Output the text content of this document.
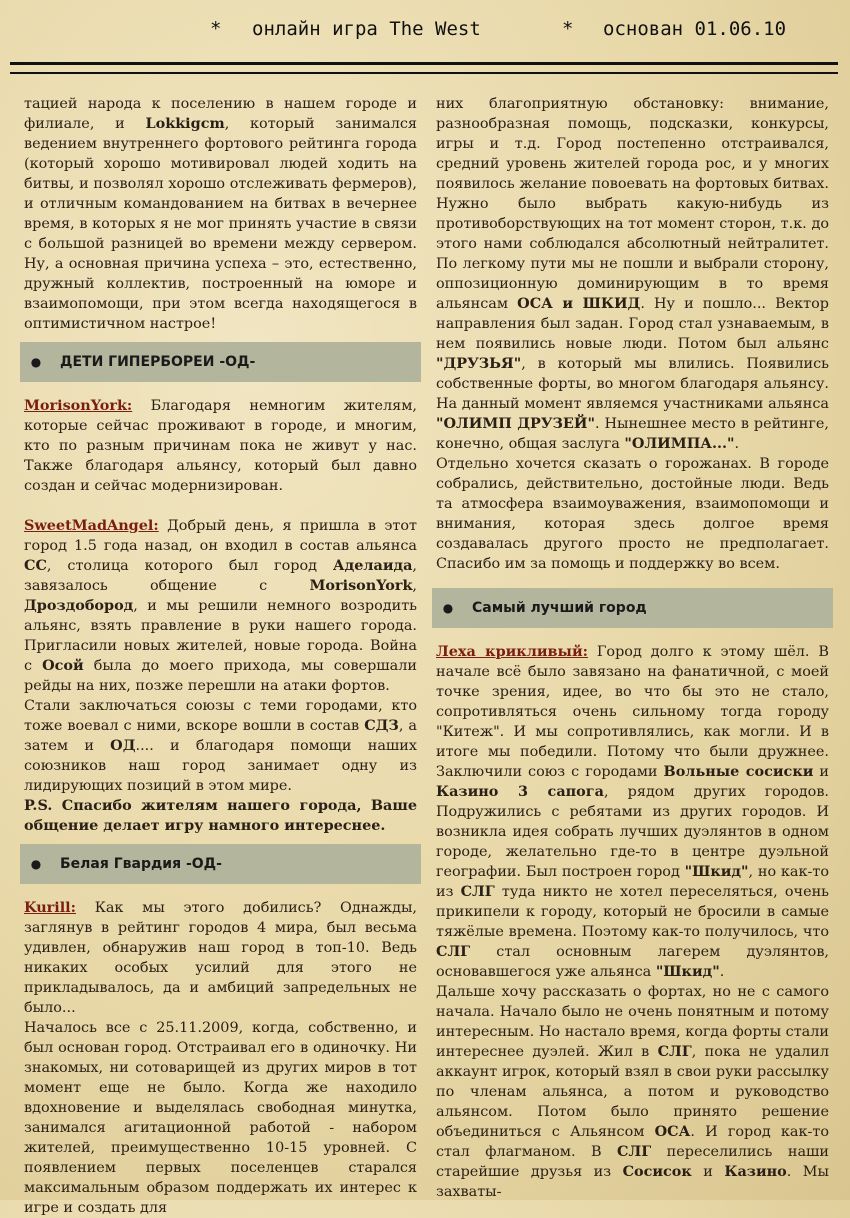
* онлайн игра The West	* основан 01.06.10

тацией народа к поселению в нашем городе и филиале, и Lokkigcm, который занимался ведением внутреннего фортового рейтинга города (который хорошо мотивировал людей ходить на битвы, и позволял хорошо отслеживать фермеров), и отличным командованием на битвах в вечернее время, в которых я не мог принять участие в связи с большой разницей во времени между сервером. Ну, а основная причина успеха – это, естественно, дружный коллектив, построенный на юморе и взаимопомощи, при этом всегда находящегося в оптимистичном настрое!

●	ДЕТИ ГИПЕРБОРЕИ -ОД-

MorisonYork: Благодаря немногим жителям, которые сейчас проживают в городе, и многим, кто по разным причинам пока не живут у нас. Также благодаря альянсу, который был давно создан и сейчас модернизирован.

SweetMadAngel: Добрый день, я пришла в этот город 1.5 года назад, он входил в состав альянса СС, столица которого был город Аделаида, завязалось общение с MorisonYork, Дроздобород, и мы решили немного возродить альянс, взять правление в руки нашего города. Пригласили новых жителей, новые города. Война с Осой была до моего прихода, мы совершали рейды на них, позже перешли на атаки фортов.

Стали заключаться союзы с теми городами, кто тоже воевал с ними, вскоре вошли в состав СДЗ, а затем и ОД.... и благодаря помощи наших союзников наш город занимает одну из лидирующих позиций в этом мире.

P.S. Спасибо жителям нашего города, Ваше общение делает игру намного интереснее.

●	Белая Гвардия -ОД-

Kurill: Как мы этого добились? Однажды, заглянув в рейтинг городов 4 мира, был весьма удивлен, обнаружив наш город в топ-10. Ведь никаких особых усилий для этого не прикладывалось, да и амбиций запредельных не было...

Началось все с 25.11.2009, когда, собственно, и был основан город. Отстраивал его в одиночку. Ни знакомых, ни сотоварищей из других миров в тот момент еще не было. Когда же находило вдохновение и выделялась свободная минутка, занимался агитационной работой - набором жителей, преимущественно 10-15 уровней. С появлением первых поселенцев старался максимальным образом поддержать их интерес к игре и создать для

них благоприятную обстановку: внимание, разнообразная помощь, подсказки, конкурсы, игры и т.д. Город постепенно отстраивался, средний уровень жителей города рос, и у многих появилось желание повоевать на фортовых битвах. Нужно было выбрать какую-нибудь из противоборствующих на тот момент сторон, т.к. до этого нами соблюдался абсолютный нейтралитет. По легкому пути мы не пошли и выбрали сторону, оппозиционную доминирующим в то время альянсам ОСА и ШКИД. Ну и пошло... Вектор направления был задан. Город стал узнаваемым, в нем появились новые люди. Потом был альянс "ДРУЗЬЯ", в который мы влились. Появились собственные форты, во многом благодаря альянсу. На данный момент являемся участниками альянса "ОЛИМП ДРУЗЕЙ". Нынешнее место в рейтинге, конечно, общая заслуга "ОЛИМПА...".

Отдельно хочется сказать о горожанах. В городе собрались, действительно, достойные люди. Ведь та атмосфера взаимоуважения, взаимопомощи и внимания, которая здесь долгое время создавалась другого просто не предполагает. Спасибо им за помощь и поддержку во всем.

●	Самый лучший город

Леха крикливый: Город долго к этому шёл. В начале всё было завязано на фанатичной, с моей точке зрения, идее, во что бы это не стало, сопротивляться очень сильному тогда городу "Китеж". И мы сопротивлялись, как могли. И в итоге мы победили. Потому что были дружнее. Заключили союз с городами Вольные сосиски и Казино 3 сапога, рядом других городов. Подружились с ребятами из других городов. И возникла идея собрать лучших дуэлянтов в одном городе, желательно где-то в центре дуэльной географии. Был построен город "Шкид", но как-то из СЛГ туда никто не хотел переселяться, очень прикипели к городу, который не бросили в самые тяжёлые времена. Поэтому как-то получилось, что СЛГ стал основным лагерем дуэлянтов, основавшегося уже альянса "Шкид".

Дальше хочу рассказать о фортах, но не с самого начала. Начало было не очень понятным и потому интересным. Но настало время, когда форты стали интереснее дуэлей. Жил в СЛГ, пока не удалил аккаунт игрок, который взял в свои руки рассылку по членам альянса, а потом и руководство альянсом. Потом было принято решение объединиться с Альянсом ОСА. И город как-то стал флагманом. В СЛГ переселились наши старейшие друзья из Сосисок и Казино. Мы захваты-
